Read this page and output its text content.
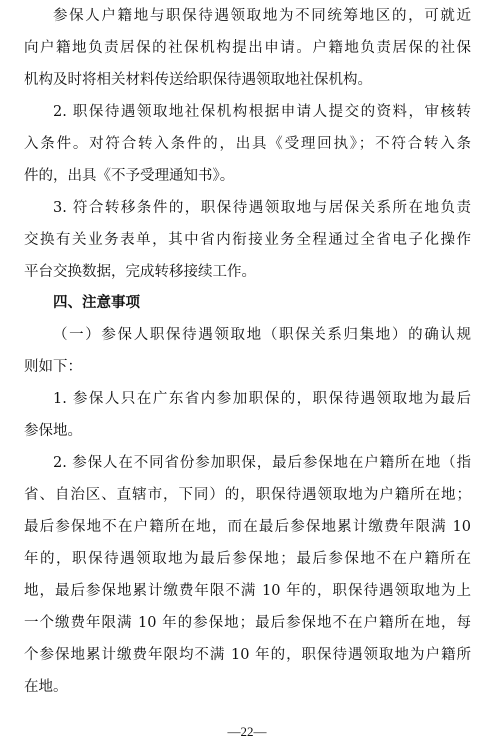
参保人户籍地与职保待遇领取地为不同统筹地区的，可就近
向户籍地负责居保的社保机构提出申请。户籍地负责居保的社保
机构及时将相关材料传送给职保待遇领取地社保机构。
2. 职保待遇领取地社保机构根据申请人提交的资料，审核转
入条件。对符合转入条件的，出具《受理回执》；不符合转入条
件的，出具《不予受理通知书》。
3. 符合转移条件的，职保待遇领取地与居保关系所在地负责
交换有关业务表单，其中省内衔接业务全程通过全省电子化操作
平台交换数据，完成转移接续工作。
四、注意事项
（一）参保人职保待遇领取地（职保关系归集地）的确认规
则如下：
1. 参保人只在广东省内参加职保的，职保待遇领取地为最后
参保地。
2. 参保人在不同省份参加职保，最后参保地在户籍所在地（指
省、自治区、直辖市，下同）的，职保待遇领取地为户籍所在地；
最后参保地不在户籍所在地，而在最后参保地累计缴费年限满 10
年的，职保待遇领取地为最后参保地；最后参保地不在户籍所在
地，最后参保地累计缴费年限不满 10 年的，职保待遇领取地为上
一个缴费年限满 10 年的参保地；最后参保地不在户籍所在地，每
个参保地累计缴费年限均不满 10 年的，职保待遇领取地为户籍所
在地。
—22—
